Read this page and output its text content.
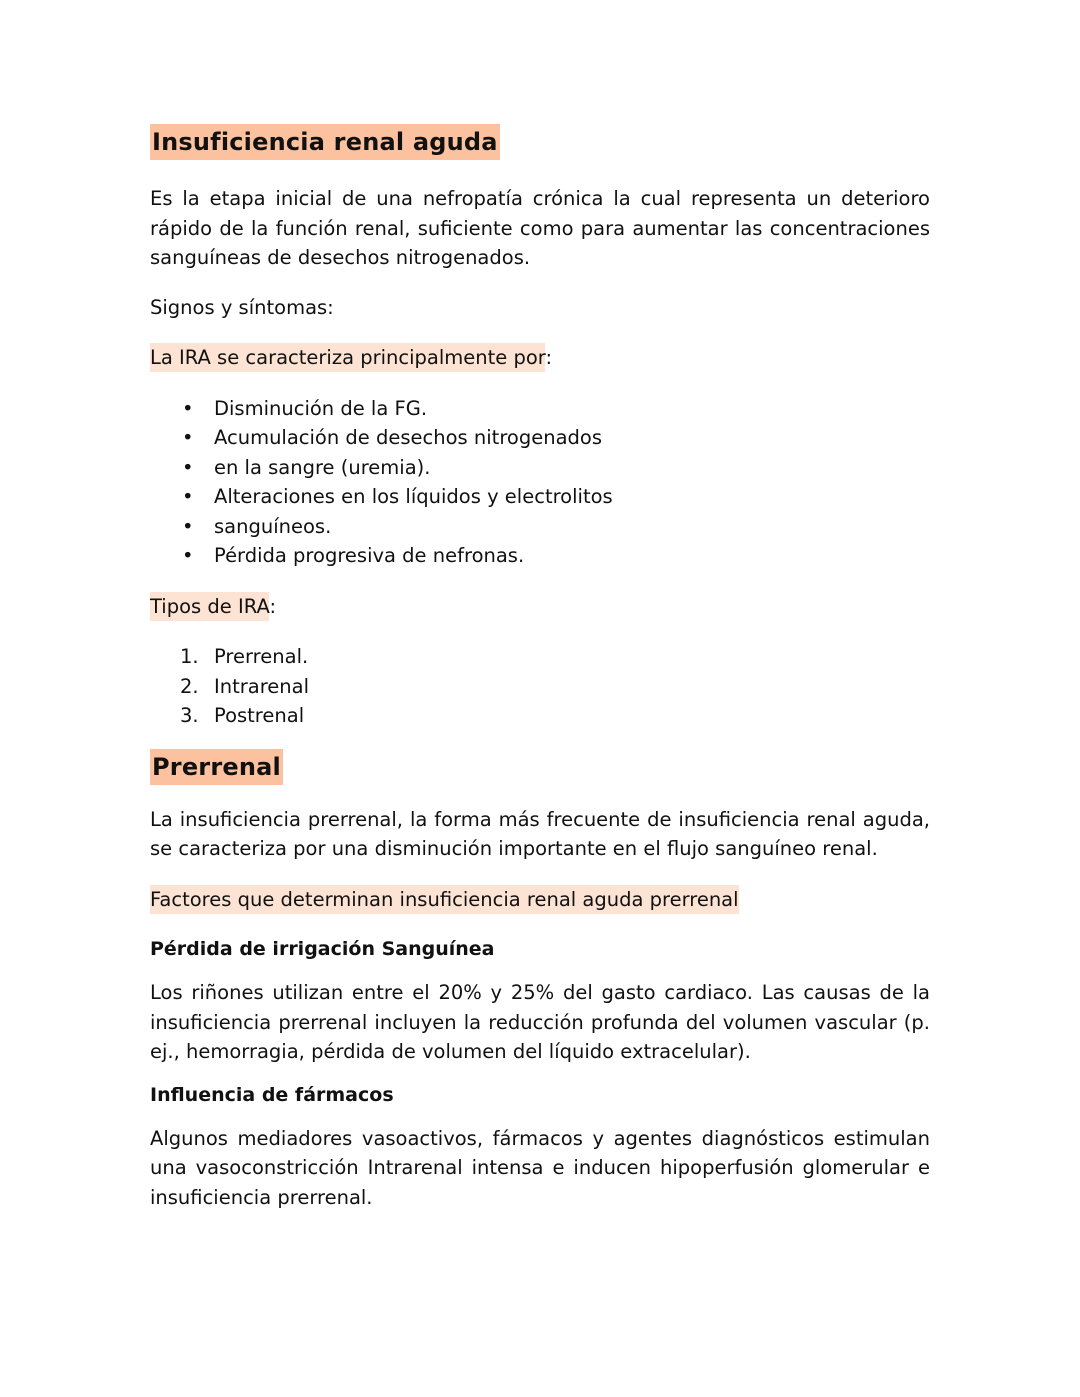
Insuficiencia renal aguda

Es la etapa inicial de una nefropatía crónica la cual representa un deterioro rápido de la función renal, suficiente como para aumentar las concentraciones sanguíneas de desechos nitrogenados.

Signos y síntomas:

La IRA se caracteriza principalmente por:

• Disminución de la FG.
• Acumulación de desechos nitrogenados
• en la sangre (uremia).
• Alteraciones en los líquidos y electrolitos
• sanguíneos.
• Pérdida progresiva de nefronas.

Tipos de IRA:

1. Prerrenal.
2. Intrarenal
3. Postrenal
Prerrenal

La insuficiencia prerrenal, la forma más frecuente de insuficiencia renal aguda, se caracteriza por una disminución importante en el flujo sanguíneo renal.

Factores que determinan insuficiencia renal aguda prerrenal

Pérdida de irrigación Sanguínea

Los riñones utilizan entre el 20% y 25% del gasto cardiaco. Las causas de la insuficiencia prerrenal incluyen la reducción profunda del volumen vascular (p. ej., hemorragia, pérdida de volumen del líquido extracelular).

Influencia de fármacos

Algunos mediadores vasoactivos, fármacos y agentes diagnósticos estimulan una vasoconstricción Intrarenal intensa e inducen hipoperfusión glomerular e insuficiencia prerrenal.
